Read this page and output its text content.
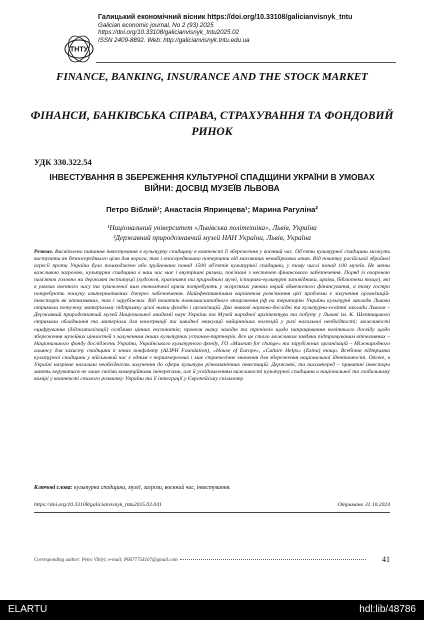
ТНТУ
Галицький економічний вісник https://doi.org/10.33108/galicianvisnyk_tntu
Galician economic journal, No 2 (93) 2025
https://doi.org/10.33108/galicianvisnyk_tntu2025.02
ISSN 2409-8892. Web: http://galicianvisnyk.tntu.edu.ua
FINANCE, BANKING, INSURANCE AND THE STOCK MARKET
ФІНАНСИ, БАНКІВСЬКА СПРАВА, СТРАХУВАННЯ ТА ФОНДОВИЙ РИНОК
УДК 330.322.54
ІНВЕСТУВАННЯ В ЗБЕРЕЖЕННЯ КУЛЬТУРНОЇ СПАДЩИНИ УКРАЇНИ В УМОВАХ ВІЙНИ: ДОСВІД МУЗЕЇВ ЛЬВОВА
Петро Віблий¹; Анастасія Япринцева¹; Марина Рагуліна²
¹Національний університет «Львівська політехніка», Львів, Україна
²Державний природознавчий музей НАН України, Львів, Україна
Резюме. Висвітлено питання інвестування в культурну спадщину в контексті її збереження у воєнний час. Об'єкти культурної спадщини можуть виступати як безпосереднього цілю для ворога, так і опосередковано потерпати від масованих невибіркових атак. Від початку російської збройної агресії проти України було пошкоджено або зруйновано понад 1500 об'єктів культурної спадщини, у тому числі понад 100 музеїв. Не менш важливою загрозою, культурна спадщина в наш час має і внутрішні ризики, пов'язані з нестачею фінансового забезпечення. Поряд із охороною пам'яток головно на державні інституції (художні, краєзнавчі та природничі музеї, історико-культурні заповідники, архіви, бібліотеки тощо), які в умовах воєнного часу та зумовленої ним економічної кризи потребують у жорстких умовах вкрай обмеженого фінансування, а тому гостро потребують пошуку альтернативних джерел забезпечення. Найефективнішим варіантом розв'язання цієї проблеми є залучення організацій-інвесторів як вітчизняних, так і зарубіжних. Від початків повномасштабного вторгнення рф на територію України культурні заклади Львова отримали потужну матеріальну підтримку цілої низки фондів і організацій. Два знакові науково-дослідні та культурно-освітні заклади Львова – Державний природознавчий музей Національної академії наук України та Музей народної архітектури та побуту у Львові ім. К. Шептицького отримали обладнання та матеріали для консервації та швидкої евакуації найцінніших колекцій у разі нагальної необхідності; можливості оцифрування (діджиталізації) особливо цінних експонатів; провели низку заходів та тренінгів щодо напрацювання новітнього досвіду щодо збереження музейних цінностей з залученням інших культурних установ-партнерів. Все це стало можливим завдяки підтримуваним вітчизняних – Національного фонду досліджень України, Українського культурного фонду, ГО «Museum for change» та зарубіжних організацій – Міжнародного альянсу для захисту спадщини в зонах конфлікту (ALIPH Foundation), «House of Europe», «Culture Helps» (Zaina) тощо. Всебічна підтримка культурної спадщини у військовий час є одним з першочергових і має стратегічне значення для збереження національної ідентичності. Отже, в Україні назріває нагальна необхідність залучення до сфери культури різноманітних інвестицій. Державні, та насамперед – приватні інвестори мають керуватися не лише своїми комерційними інтересами, але й усвідомленням важливості культурної спадщини в національної та глобальному вимірі у контексті сталого розвитку України та її інтеграції у Європейську спільноту.
Ключові слова: культурна спадщина, музеї, загрози, воєнний час, інвестування.
https://doi.org/10.33108/galicianvisnyk_tntu2025.02.041	Отримано 31.10.2024
Corresponding author: Petro Viblyi; e-mail: P0677754167@gmail.com	41
ELARTU	hdl:lib/48786
